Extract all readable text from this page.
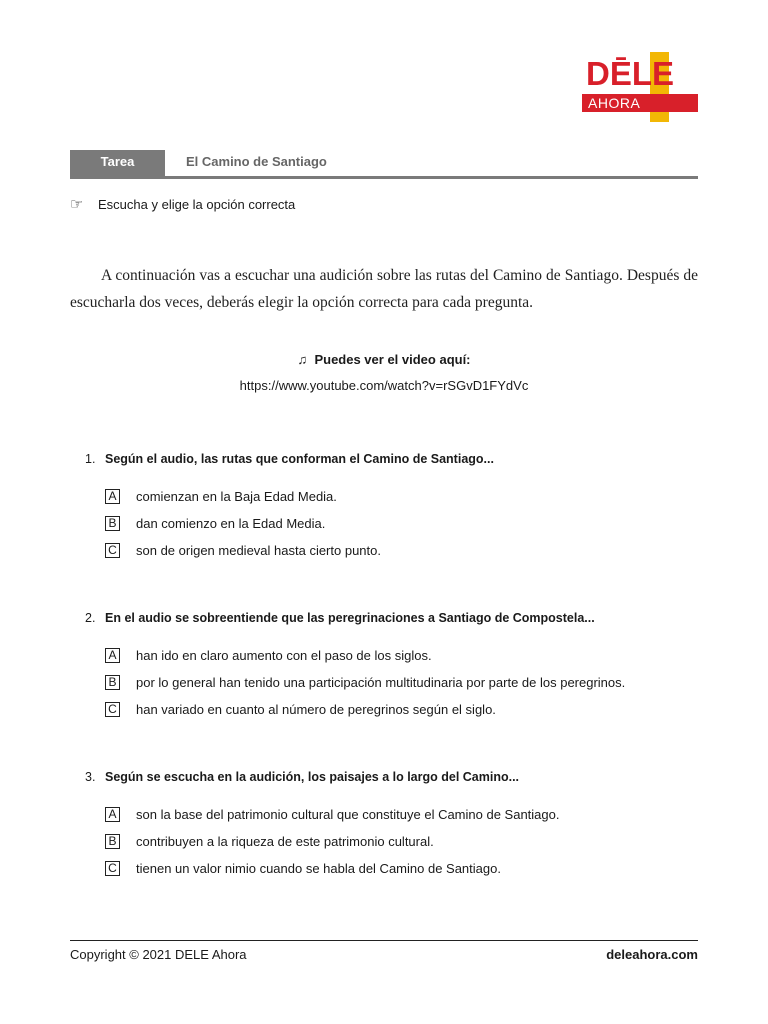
DĒLE
AHORA
Tarea	El Camino de Santiago
☞ Escucha y elige la opción correcta

A continuación vas a escuchar una audición sobre las rutas del Camino de Santiago. Después de escucharla dos veces, deberás elegir la opción correcta para cada pregunta.

♫ Puedes ver el video aquí:
https://www.youtube.com/watch?v=rSGvD1FYdVc
1. Según el audio, las rutas que conforman el Camino de Santiago...
A comienzan en la Baja Edad Media.
B dan comienzo en la Edad Media.
C son de origen medieval hasta cierto punto.
2. En el audio se sobreentiende que las peregrinaciones a Santiago de Compostela...
A han ido en claro aumento con el paso de los siglos.
B por lo general han tenido una participación multitudinaria por parte de los peregrinos.
C han variado en cuanto al número de peregrinos según el siglo.
3. Según se escucha en la audición, los paisajes a lo largo del Camino...
A son la base del patrimonio cultural que constituye el Camino de Santiago.
B contribuyen a la riqueza de este patrimonio cultural.
C tienen un valor nimio cuando se habla del Camino de Santiago.
Copyright © 2021 DELE Ahora	deleahora.com
